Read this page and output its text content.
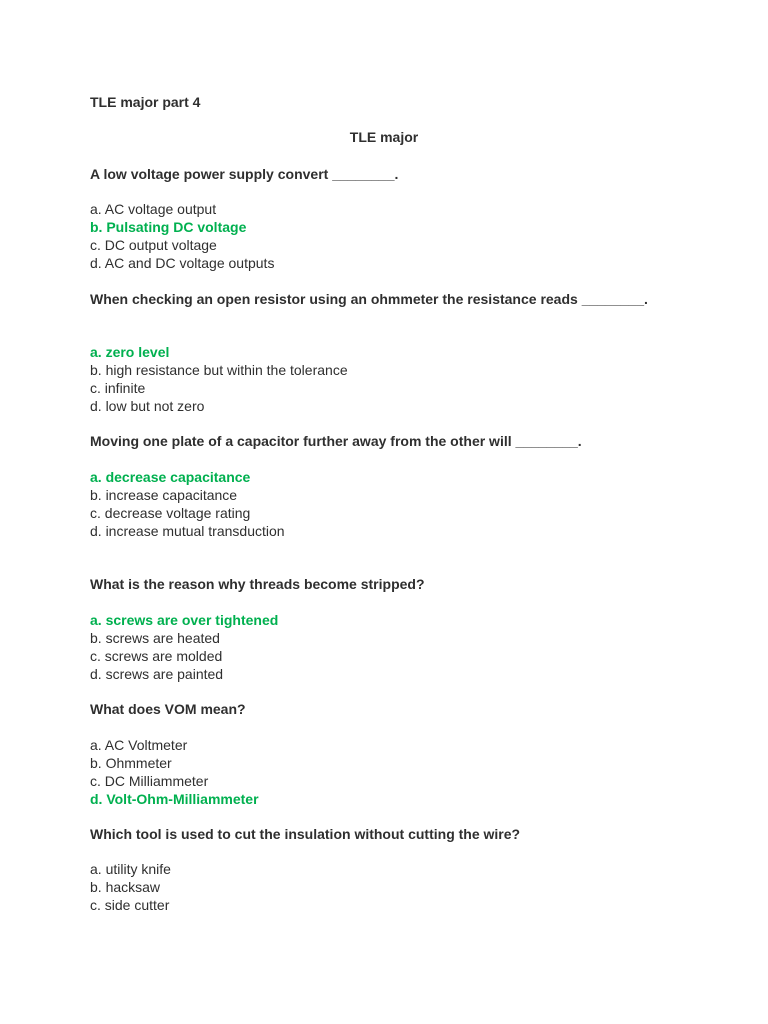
TLE major part 4
TLE major

A low voltage power supply convert ________.

a. AC voltage output
b. Pulsating DC voltage
c. DC output voltage
d. AC and DC voltage outputs

When checking an open resistor using an ohmmeter the resistance reads ________.

a. zero level
b. high resistance but within the tolerance
c. infinite
d. low but not zero

Moving one plate of a capacitor further away from the other will ________.

a. decrease capacitance
b. increase capacitance
c. decrease voltage rating
d. increase mutual transduction

What is the reason why threads become stripped?

a. screws are over tightened
b. screws are heated
c. screws are molded
d. screws are painted

What does VOM mean?

a. AC Voltmeter
b. Ohmmeter
c. DC Milliammeter
d. Volt-Ohm-Milliammeter

Which tool is used to cut the insulation without cutting the wire?

a. utility knife
b. hacksaw
c. side cutter
